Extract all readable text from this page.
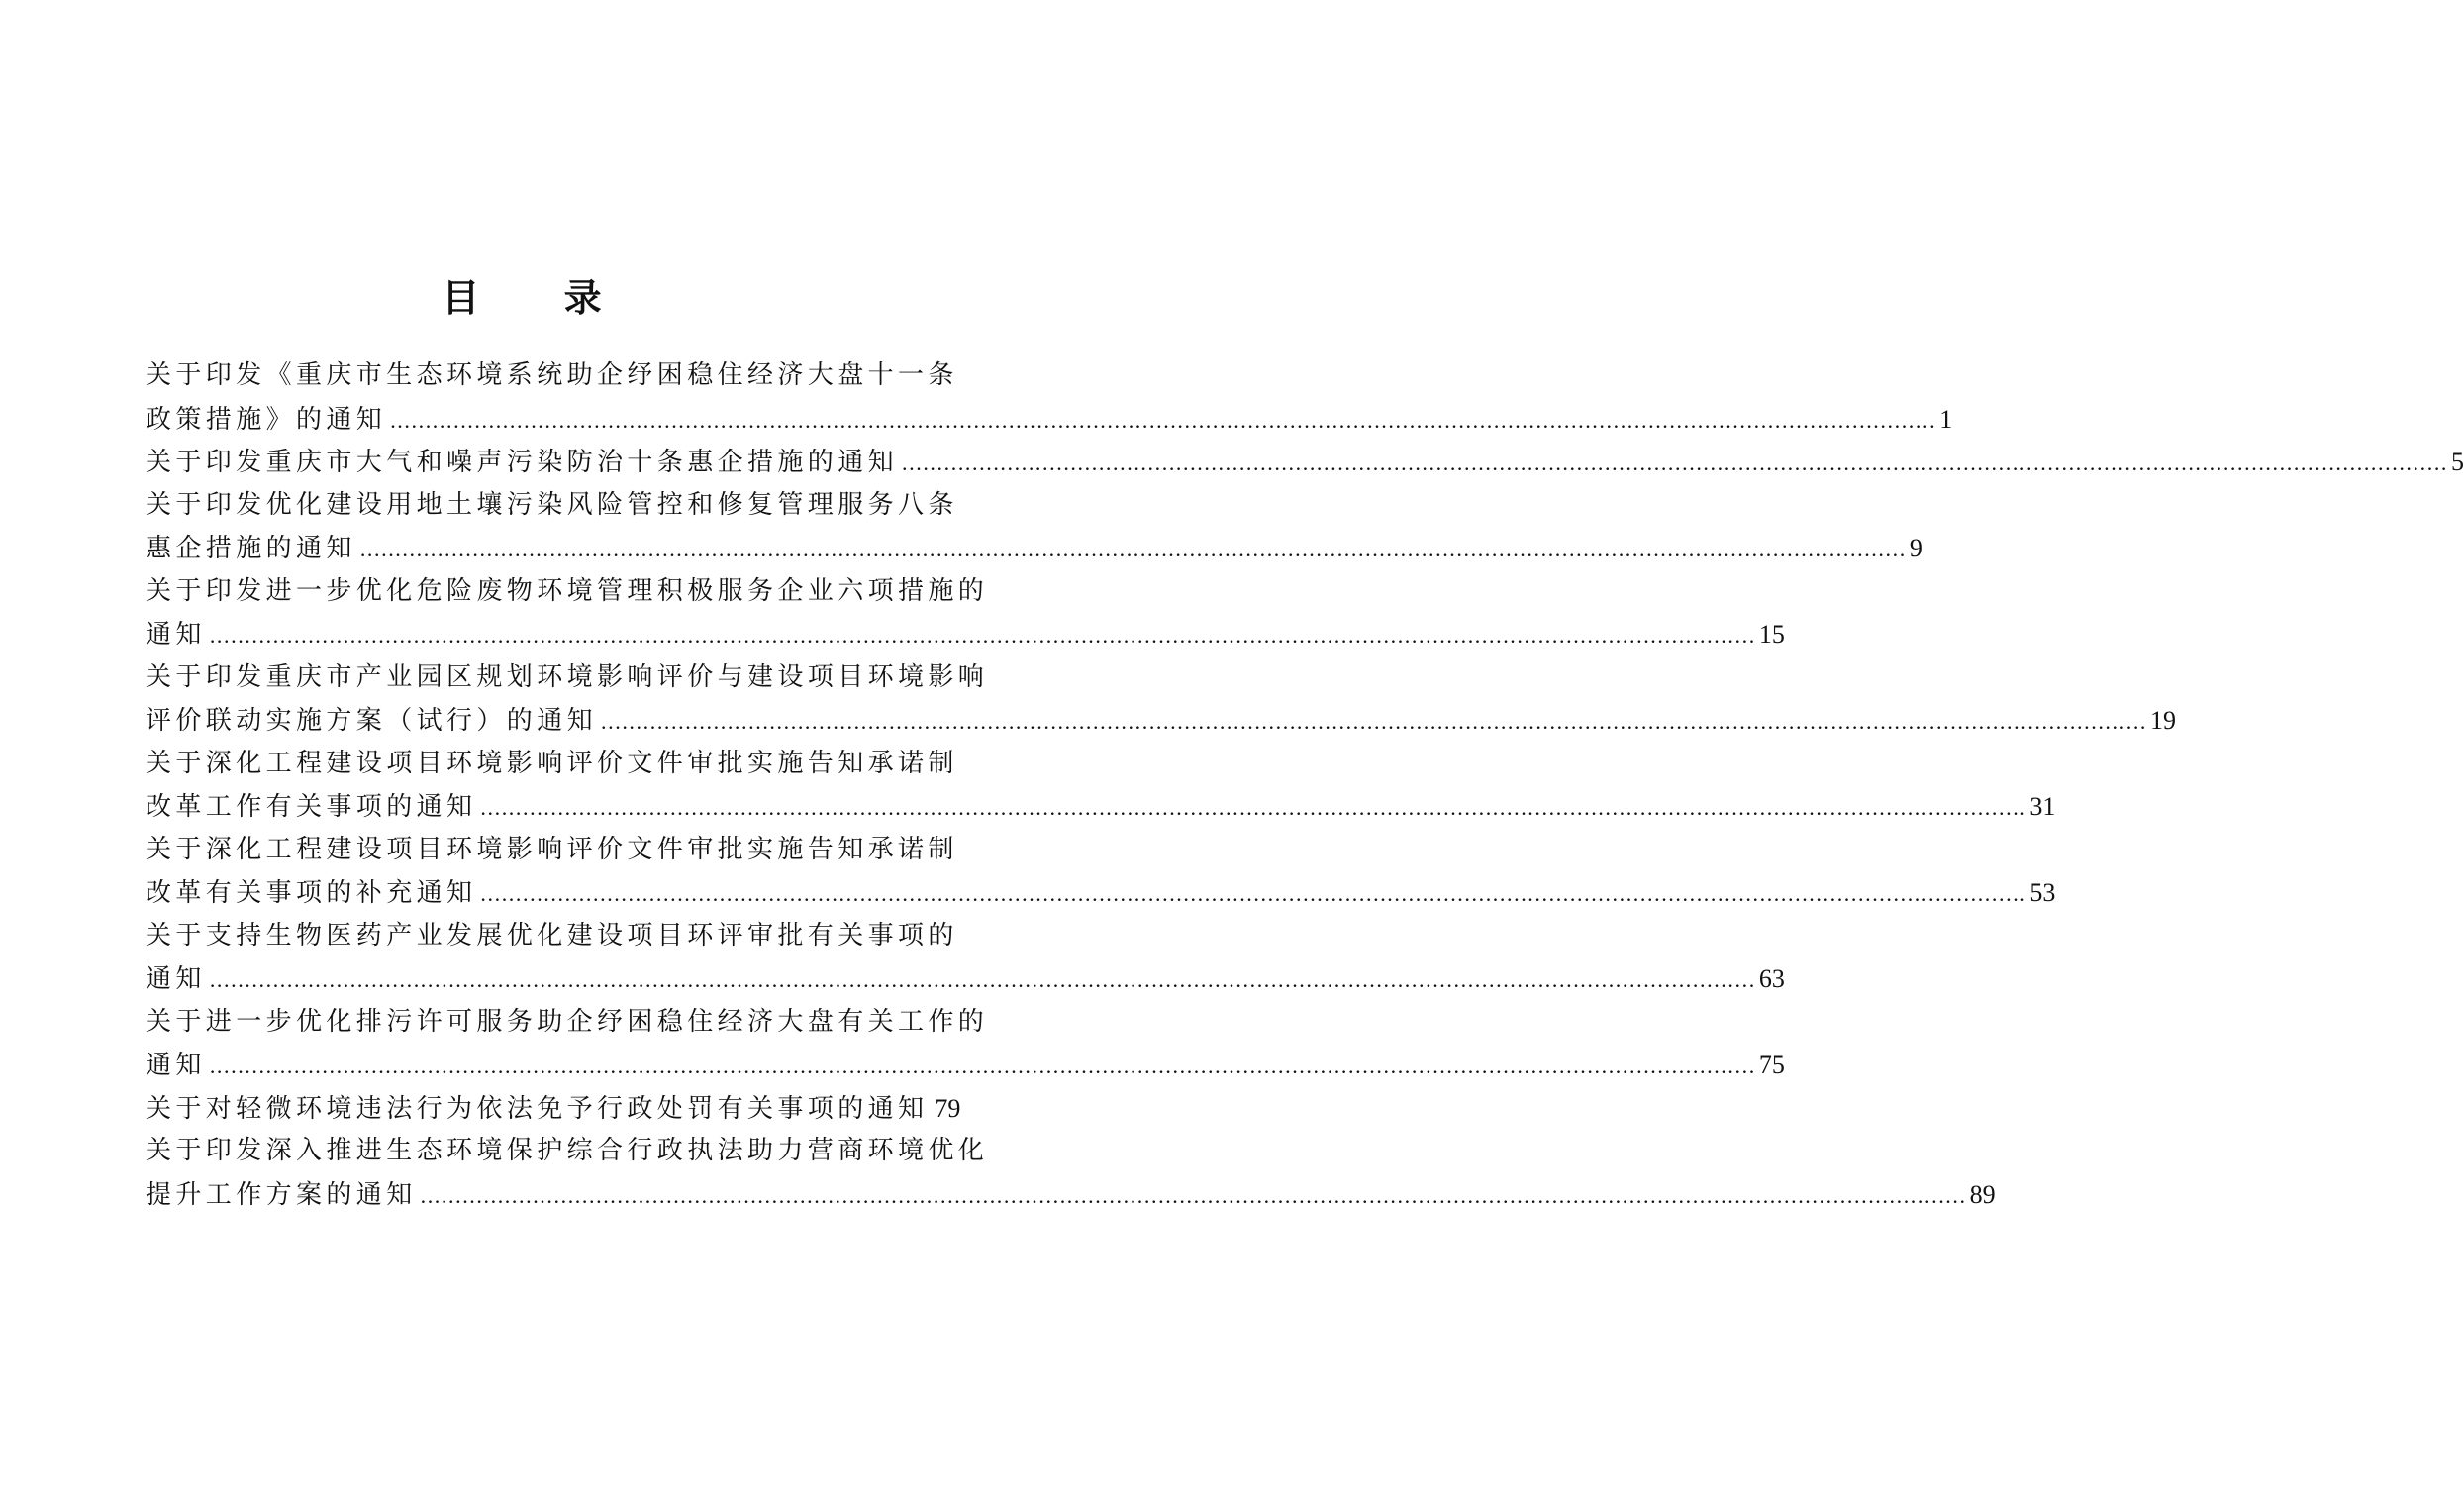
目 录
关于印发《重庆市生态环境系统助企纾困稳住经济大盘十一条
政策措施》的通知 .....	1
关于印发重庆市大气和噪声污染防治十条惠企措施的通知 .....	5
关于印发优化建设用地土壤污染风险管控和修复管理服务八条
惠企措施的通知 .....	9
关于印发进一步优化危险废物环境管理积极服务企业六项措施的
通知 .....	15
关于印发重庆市产业园区规划环境影响评价与建设项目环境影响
评价联动实施方案（试行）的通知 .....	19
关于深化工程建设项目环境影响评价文件审批实施告知承诺制
改革工作有关事项的通知 .....	31
关于深化工程建设项目环境影响评价文件审批实施告知承诺制
改革有关事项的补充通知 .....	53
关于支持生物医药产业发展优化建设项目环评审批有关事项的
通知 .....	63
关于进一步优化排污许可服务助企纾困稳住经济大盘有关工作的
通知 .....	75
关于对轻微环境违法行为依法免予行政处罚有关事项的通知 79
关于印发深入推进生态环境保护综合行政执法助力营商环境优化
提升工作方案的通知 .....	89
